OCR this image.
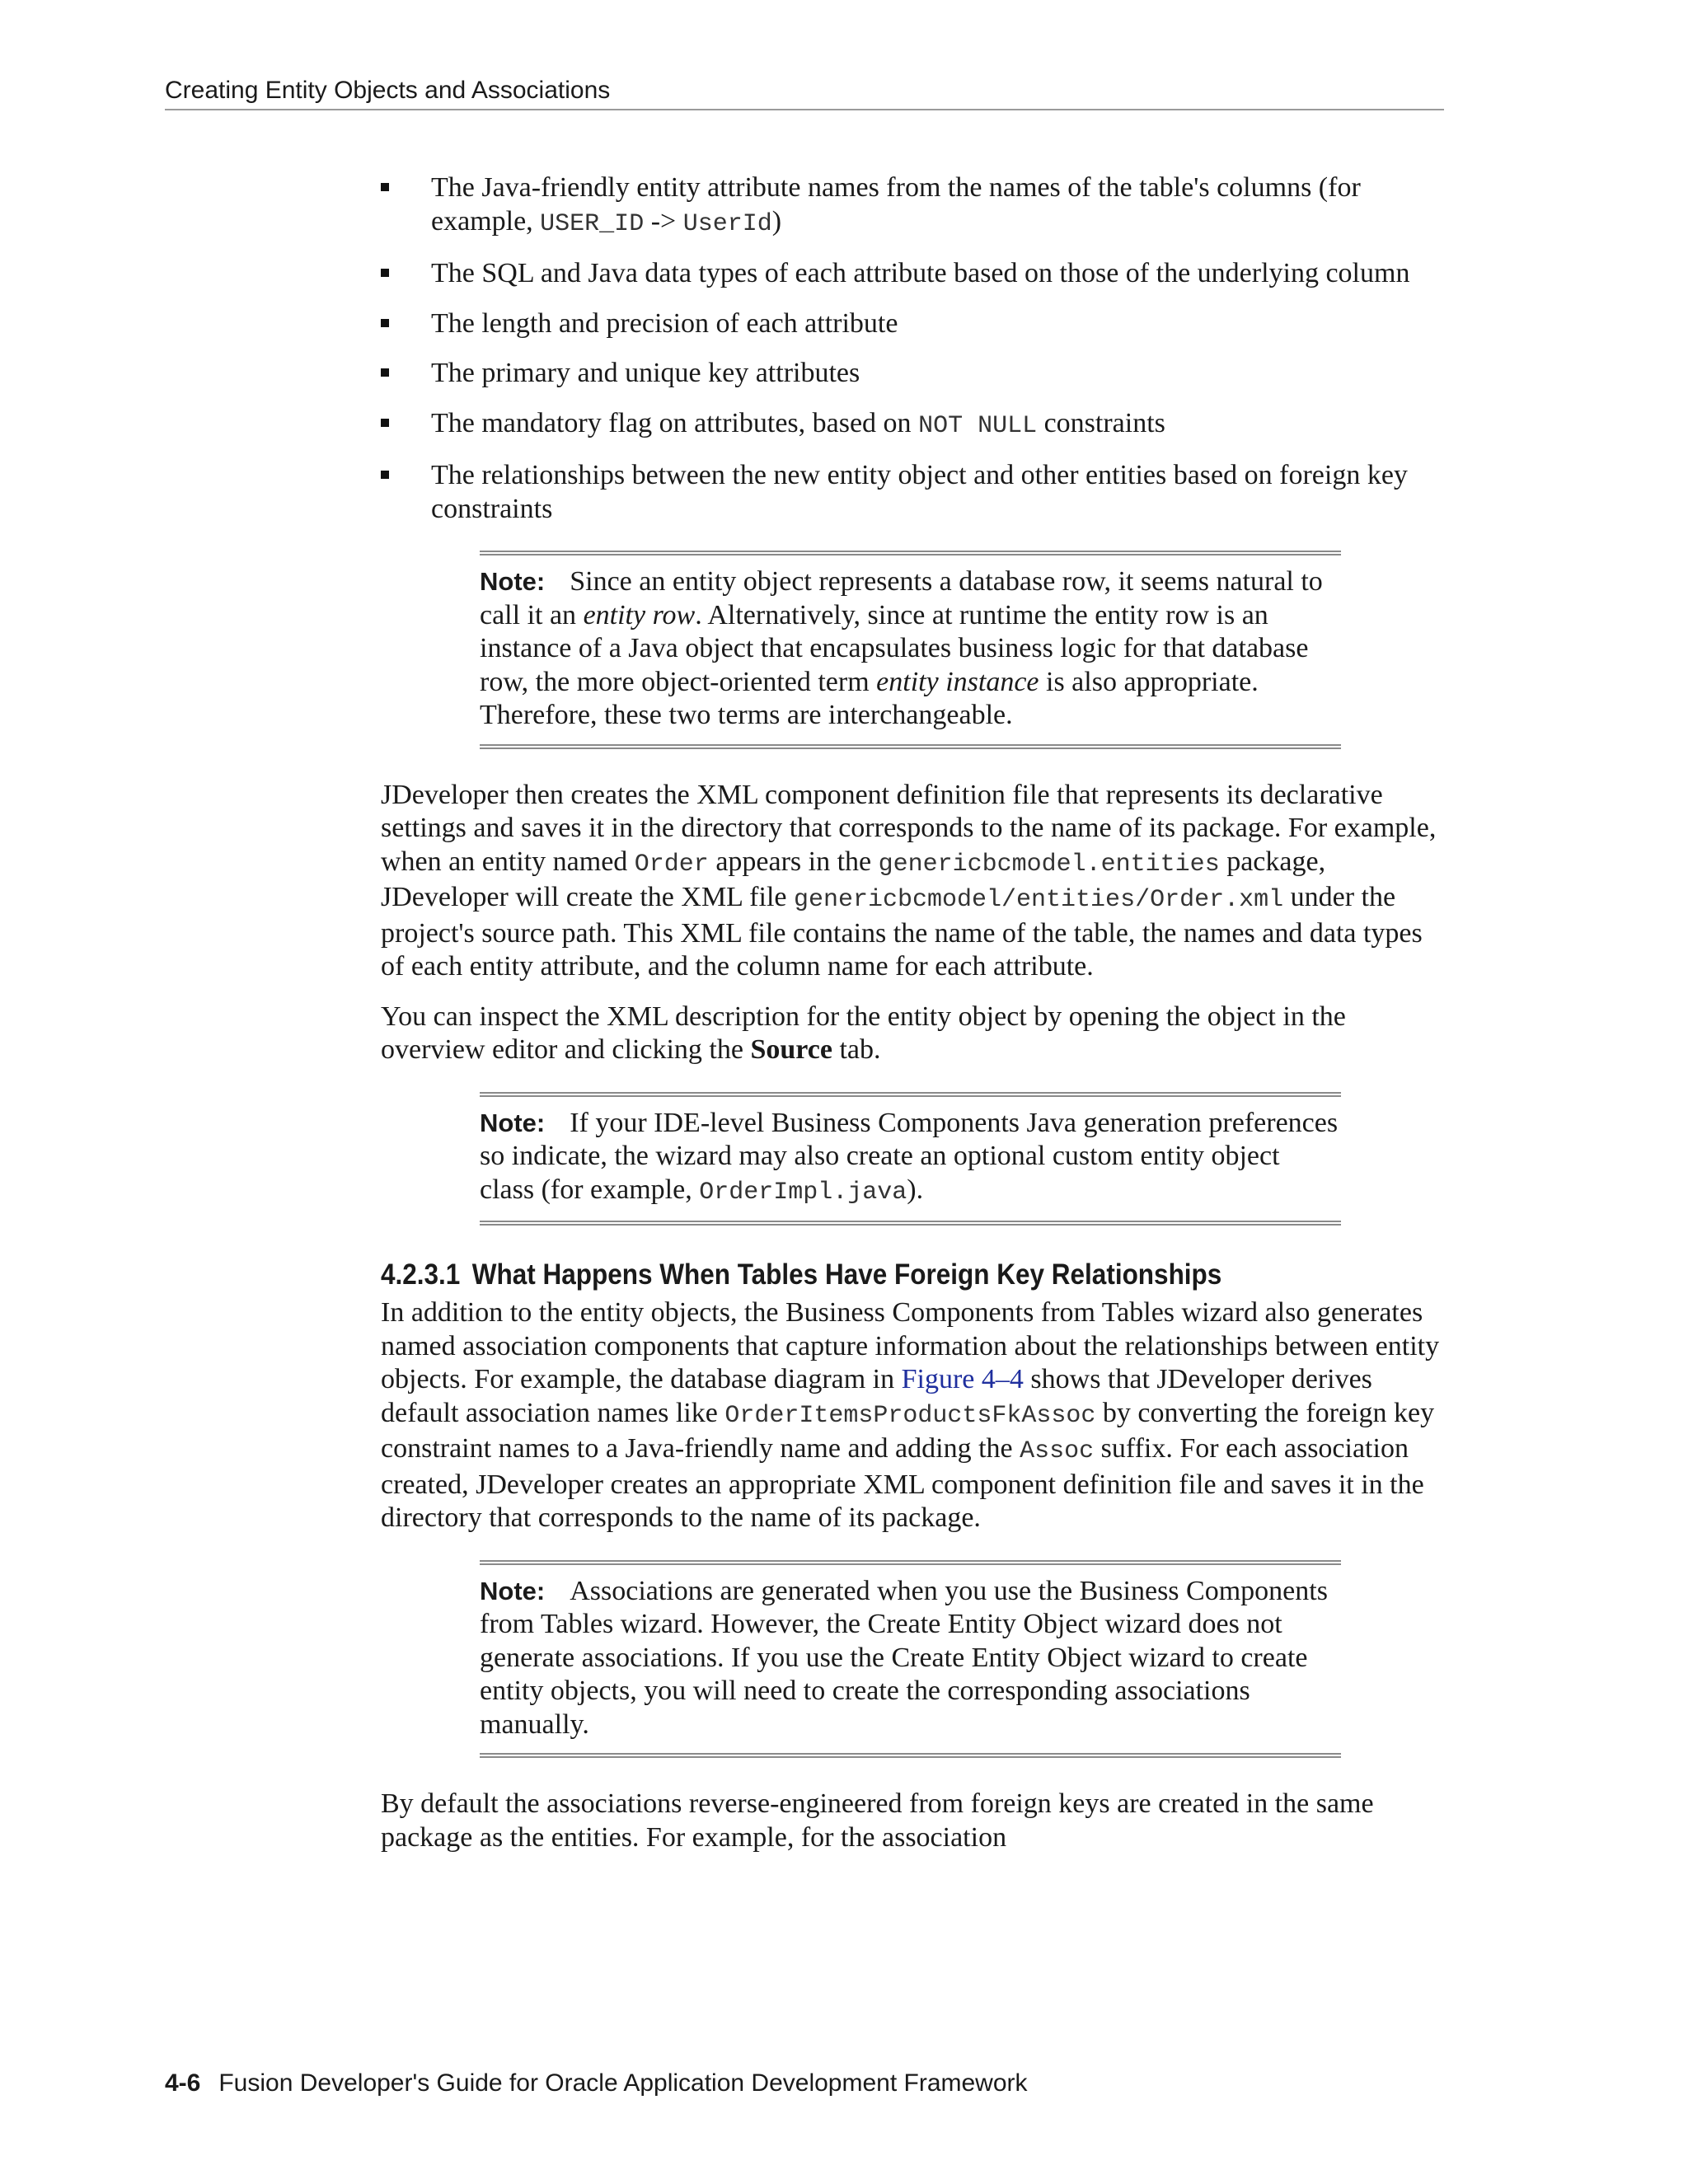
Creating Entity Objects and Associations
The Java-friendly entity attribute names from the names of the table's columns (for example, USER_ID -> UserId)
The SQL and Java data types of each attribute based on those of the underlying column
The length and precision of each attribute
The primary and unique key attributes
The mandatory flag on attributes, based on NOT NULL constraints
The relationships between the new entity object and other entities based on foreign key constraints
Note: Since an entity object represents a database row, it seems natural to call it an entity row. Alternatively, since at runtime the entity row is an instance of a Java object that encapsulates business logic for that database row, the more object-oriented term entity instance is also appropriate. Therefore, these two terms are interchangeable.

JDeveloper then creates the XML component definition file that represents its declarative settings and saves it in the directory that corresponds to the name of its package. For example, when an entity named Order appears in the genericbcmodel.entities package, JDeveloper will create the XML file genericbcmodel/entities/Order.xml under the project's source path. This XML file contains the name of the table, the names and data types of each entity attribute, and the column name for each attribute.

You can inspect the XML description for the entity object by opening the object in the overview editor and clicking the Source tab.

Note: If your IDE-level Business Components Java generation preferences so indicate, the wizard may also create an optional custom entity object class (for example, OrderImpl.java).
4.2.3.1 What Happens When Tables Have Foreign Key Relationships

In addition to the entity objects, the Business Components from Tables wizard also generates named association components that capture information about the relationships between entity objects. For example, the database diagram in Figure 4–4 shows that JDeveloper derives default association names like OrderItemsProductsFkAssoc by converting the foreign key constraint names to a Java-friendly name and adding the Assoc suffix. For each association created, JDeveloper creates an appropriate XML component definition file and saves it in the directory that corresponds to the name of its package.

Note: Associations are generated when you use the Business Components from Tables wizard. However, the Create Entity Object wizard does not generate associations. If you use the Create Entity Object wizard to create entity objects, you will need to create the corresponding associations manually.

By default the associations reverse-engineered from foreign keys are created in the same package as the entities. For example, for the association

4-6 Fusion Developer's Guide for Oracle Application Development Framework
